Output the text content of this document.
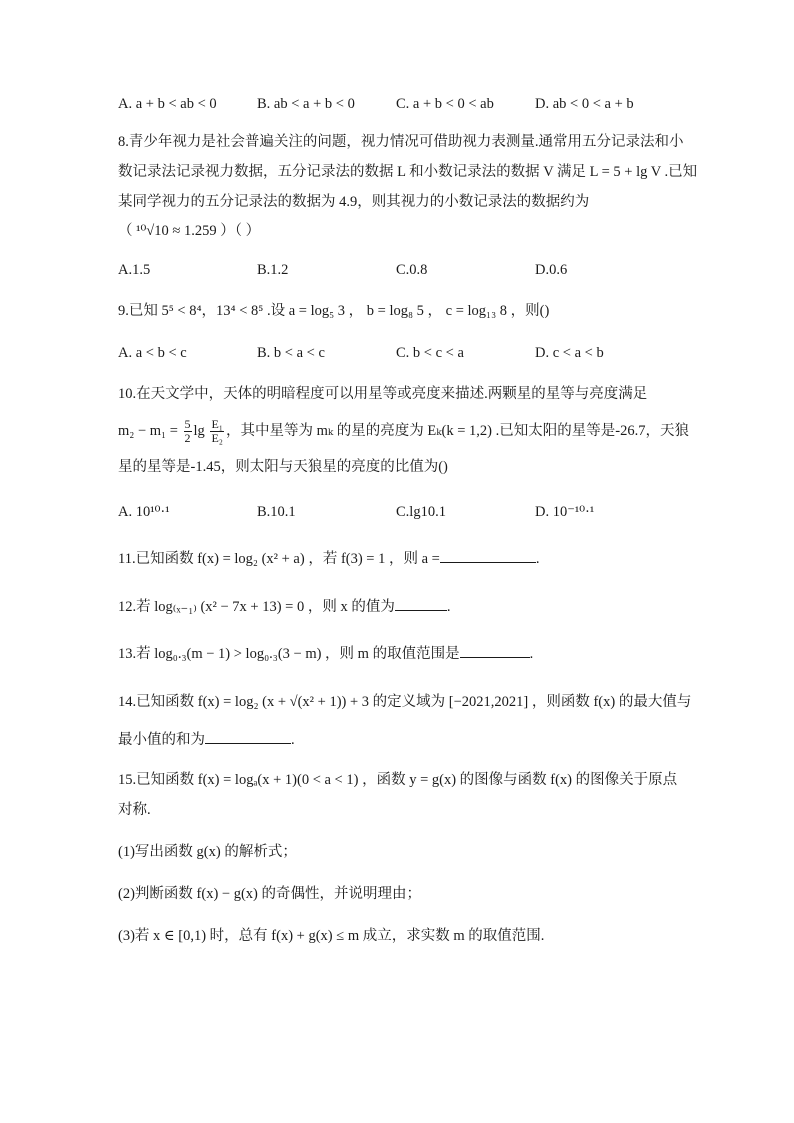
A. a + b < ab < 0	B. ab < a + b < 0	C. a + b < 0 < ab	D. ab < 0 < a + b
8.青少年视力是社会普遍关注的问题，视力情况可借助视力表测量.通常用五分记录法和小
数记录法记录视力数据，五分记录法的数据 L 和小数记录法的数据 V 满足 L = 5 + lg V .已知
某同学视力的五分记录法的数据为 4.9，则其视力的小数记录法的数据约为
（ ¹⁰√10 ≈ 1.259 ）（ ）
A.1.5	B.1.2	C.0.8	D.0.6
9.已知 5⁵ < 8⁴，13⁴ < 8⁵ .设 a = log₅ 3 ， b = log₈ 5 ， c = log₁₃ 8 ，则()
A. a < b < c	B. b < a < c	C. b < c < a	D. c < a < b
10.在天文学中，天体的明暗程度可以用星等或亮度来描述.两颗星的星等与亮度满足
$m_2 - m_1 = \frac{5}{2}$ $\lg \frac{\text{E₁}}{\text{E₂}}$ ，其中星等为 mₖ 的星的亮度为 Eₖ(k = 1,2) .已知太阳的星等是-26.7，天狼
星的星等是-1.45，则太阳与天狼星的亮度的比值为()
A. 10¹⁰·¹	B.10.1	C.lg10.1	D. 10⁻¹⁰·¹
11.已知函数 f(x) = log₂ (x² + a) ，若 f(3) = 1 ，则 a =	.
12.若 log₍ₓ₋₁₎ (x² − 7x + 13) = 0 ，则 x 的值为	.
13.若 log₀.₃(m − 1) > log₀.₃(3 − m) ，则 m 的取值范围是	.
14.已知函数 f(x) = log₂ (x + √(x² + 1)) + 3 的定义域为 [−2021,2021] ，则函数 f(x) 的最大值与
最小值的和为	.
15.已知函数 f(x) = logₐ(x + 1)(0 < a < 1) ，函数 y = g(x) 的图像与函数 f(x) 的图像关于原点
对称.
(1)写出函数 g(x) 的解析式；
(2)判断函数 f(x) − g(x) 的奇偶性，并说明理由；
(3)若 x ∈ [0,1) 时，总有 f(x) + g(x) ≤ m 成立，求实数 m 的取值范围.
